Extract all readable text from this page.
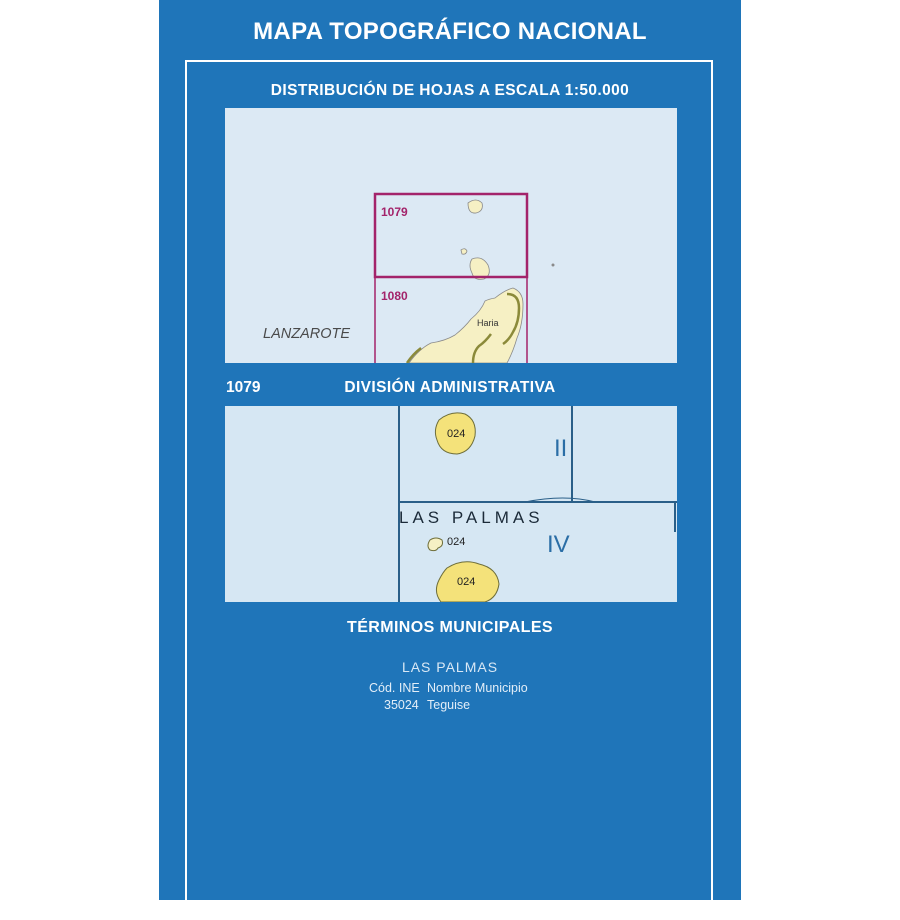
MAPA TOPOGRÁFICO NACIONAL
DISTRIBUCIÓN DE HOJAS A ESCALA 1:50.000
1079
1080
LANZAROTE
Haria
1079	DIVISIÓN ADMINISTRATIVA
024
024
024
LAS PALMAS
II
IV
TÉRMINOS MUNICIPALES
LAS PALMAS
Cód. INE Nombre Municipio
35024 Teguise
